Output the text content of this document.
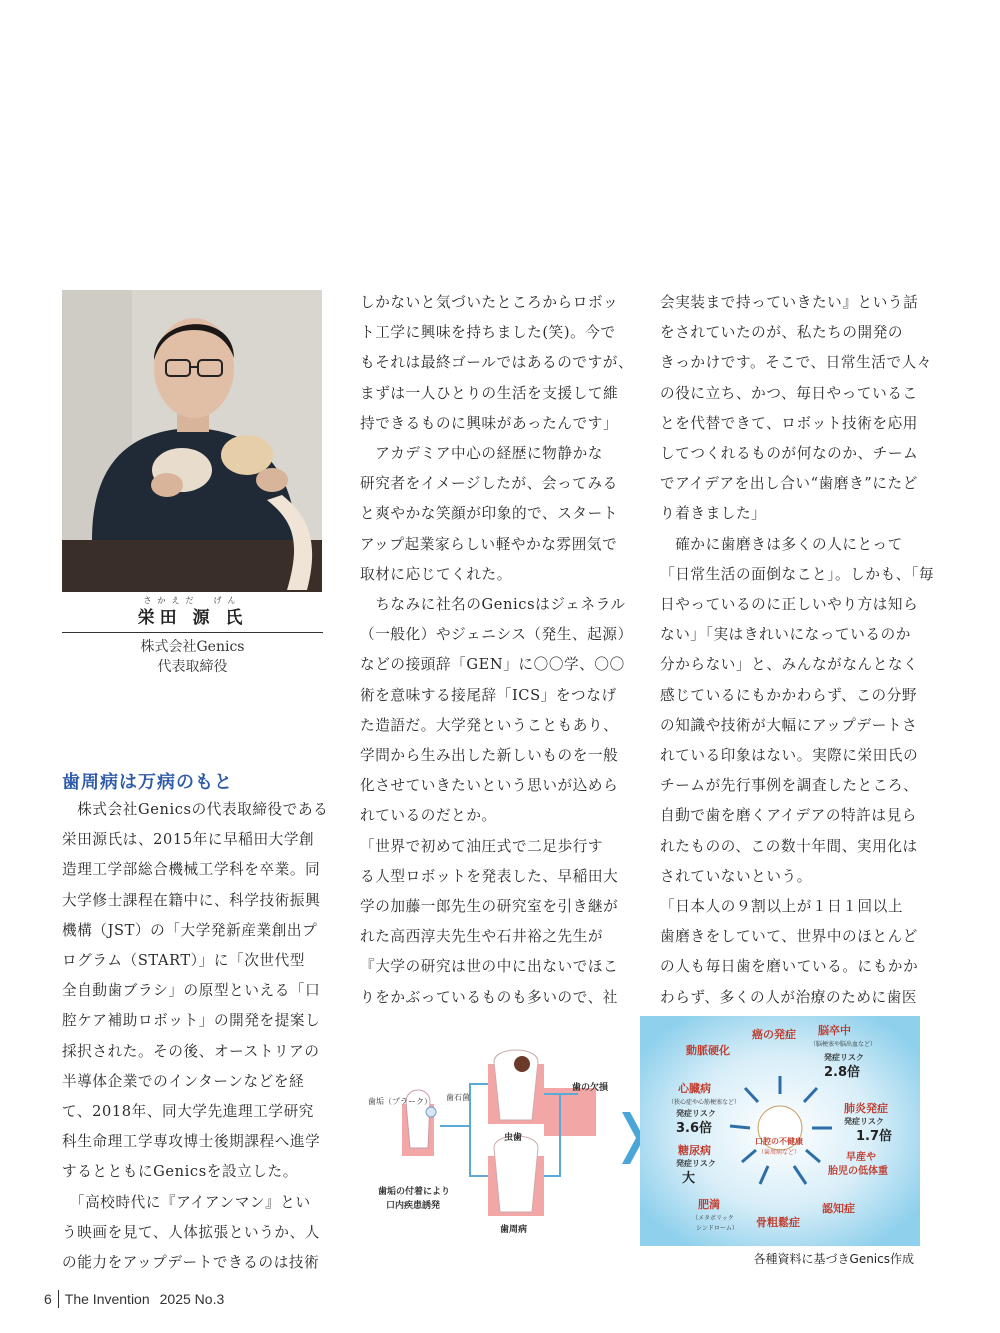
さかえだ　げん
栄田 源 氏
株式会社Genics
代表取締役
歯周病は万病のもと

　株式会社Genicsの代表取締役である

栄田源氏は、2015年に早稲田大学創

造理工学部総合機械工学科を卒業。同

大学修士課程在籍中に、科学技術振興

機構（JST）の「大学発新産業創出プ

ログラム（START）」に「次世代型

全自動歯ブラシ」の原型といえる「口

腔ケア補助ロボット」の開発を提案し

採択された。その後、オーストリアの

半導体企業でのインターンなどを経

て、2018年、同大学先進理工学研究

科生命理工学専攻博士後期課程へ進学

するとともにGenicsを設立した。

　「高校時代に『アイアンマン』とい

う映画を見て、人体拡張というか、人

の能力をアップデートできるのは技術

しかないと気づいたところからロボッ

ト工学に興味を持ちました(笑)。今で

もそれは最終ゴールではあるのですが、

まずは一人ひとりの生活を支援して維

持できるものに興味があったんです」

　アカデミア中心の経歴に物静かな

研究者をイメージしたが、会ってみる

と爽やかな笑顔が印象的で、スタート

アップ起業家らしい軽やかな雰囲気で

取材に応じてくれた。

　ちなみに社名のGenicsはジェネラル

（一般化）やジェニシス（発生、起源）

などの接頭辞「GEN」に〇〇学、〇〇

術を意味する接尾辞「ICS」をつなげ

た造語だ。大学発ということもあり、

学問から生み出した新しいものを一般

化させていきたいという思いが込めら

れているのだとか。

「世界で初めて油圧式で二足歩行す

る人型ロボットを発表した、早稲田大

学の加藤一郎先生の研究室を引き継が

れた高西淳夫先生や石井裕之先生が

『大学の研究は世の中に出ないでほこ

りをかぶっているものも多いので、社

会実装まで持っていきたい』という話

をされていたのが、私たちの開発の

きっかけです。そこで、日常生活で人々

の役に立ち、かつ、毎日やっているこ

とを代替できて、ロボット技術を応用

してつくれるものが何なのか、チーム

でアイデアを出し合い“歯磨き”にたど

り着きました」

　確かに歯磨きは多くの人にとって

「日常生活の面倒なこと」。しかも、「毎

日やっているのに正しいやり方は知ら

ない」「実はきれいになっているのか

分からない」と、みんながなんとなく

感じているにもかかわらず、この分野

の知識や技術が大幅にアップデートさ

れている印象はない。実際に栄田氏の

チームが先行事例を調査したところ、

自動で歯を磨くアイデアの特許は見ら

れたものの、この数十年間、実用化は

されていないという。

「日本人の９割以上が１日１回以上

歯磨きをしていて、世界中のほとんど

の人も毎日歯を磨いている。にもかか

わらず、多くの人が治療のために歯医

歯垢（プラーク） 歯石菌
虫歯
歯周病
歯の欠損
歯垢の付着により
口内疾患誘発
口腔の不健康
（歯周病など）
癌の発症
動脈硬化
脳卒中
（脳梗塞や脳出血など）
発症リスク
2.8倍
心臓病
（狭心症や心筋梗塞など）
発症リスク
3.6倍
肺炎発症
発症リスク
1.7倍
糖尿病
発症リスク
大
早産や
胎児の低体重
肥満
（メタボリック
シンドローム） 骨粗鬆症
認知症
各種資料に基づきGenics作成
6 The Invention 2025 No.3
